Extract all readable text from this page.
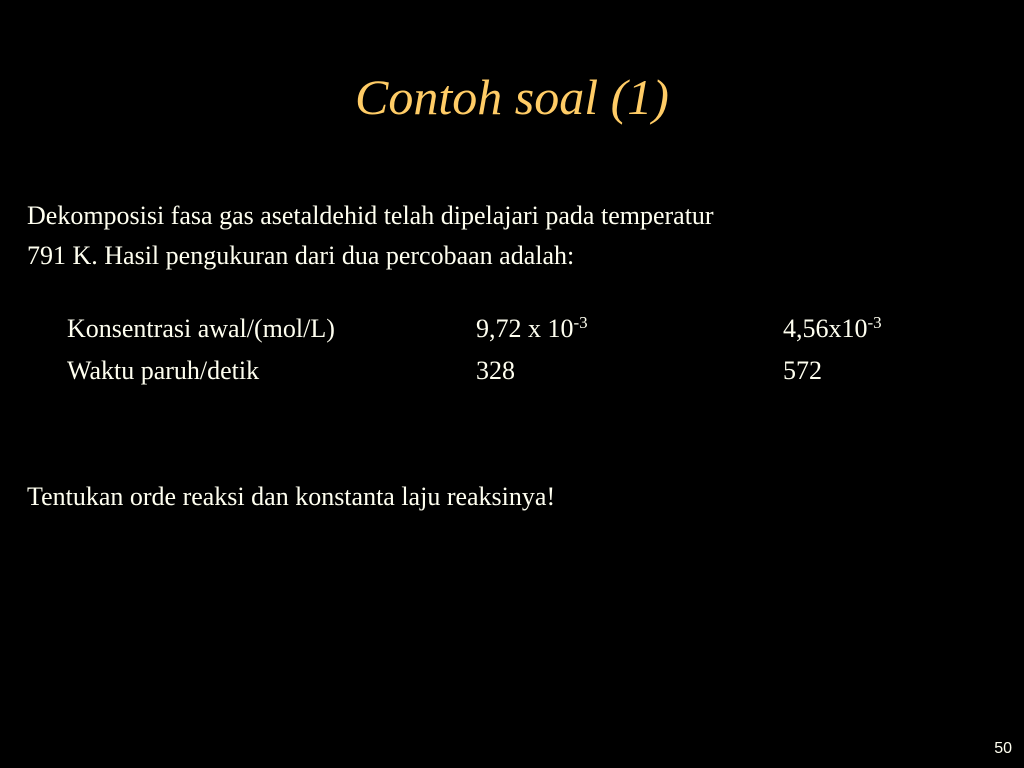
Contoh soal (1)
Dekomposisi fasa gas asetaldehid telah dipelajari pada temperatur
791 K. Hasil pengukuran dari dua percobaan adalah:
Konsentrasi awal/(mol/L)	9,72 x $10^{-3}$	$4,56x10^{-3}$
Waktu paruh/detik	328	572
Tentukan orde reaksi dan konstanta laju reaksinya!
50
